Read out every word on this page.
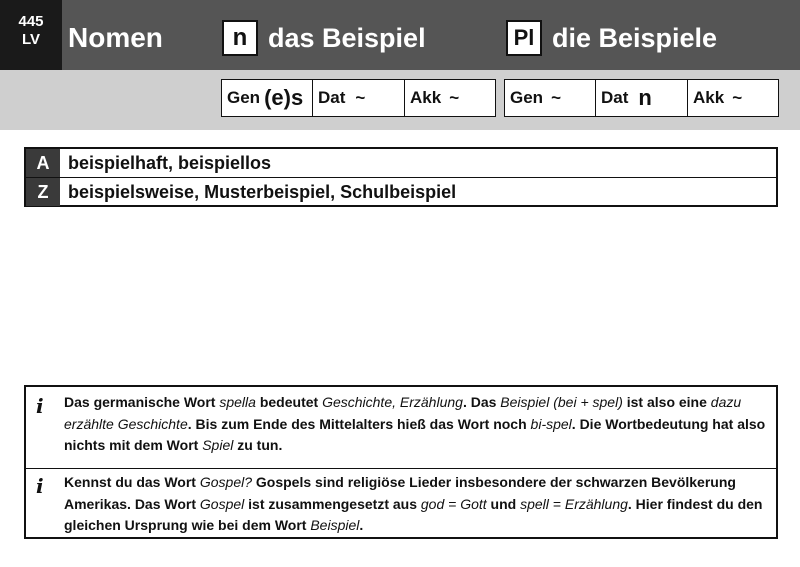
445
LV Nomen	n das Beispiel	Pl die Beispiele
Gen (e)s Dat ~	Akk ~	Gen ~ Dat n Akk ~
A	beispielhaft, beispiellos
Z	beispielsweise, Musterbeispiel, Schulbeispiel
i Das germanische Wort spella bedeutet Geschichte, Erzählung. Das Beispiel (bei + spel) ist also eine dazu erzählte Geschichte. Bis zum Ende des Mittelalters hieß das Wort noch bi-spel. Die Wortbedeutung hat also nichts mit dem Wort Spiel zu tun.

i Kennst du das Wort Gospel? Gospels sind religiöse Lieder insbesondere der schwarzen Bevölkerung Amerikas. Das Wort Gospel ist zusammengesetzt aus god = Gott und spell = Erzählung. Hier findest du den gleichen Ursprung wie bei dem Wort Beispiel.
